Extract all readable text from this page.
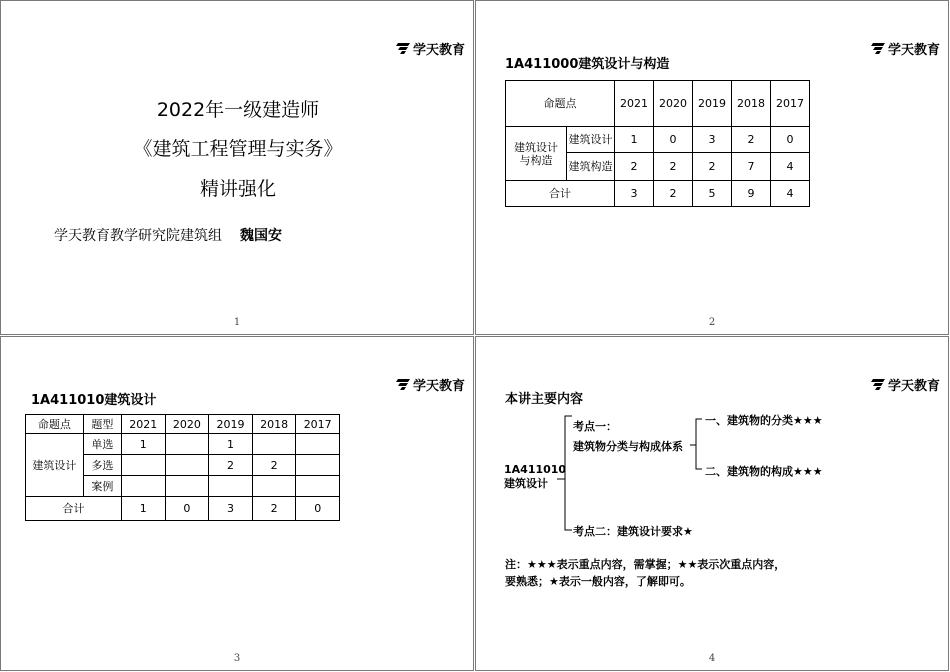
学天教育
2022年一级建造师
《建筑工程管理与实务》
精讲强化
学天教育教学研究院建筑组 魏国安
1
学天教育
1A411000建筑设计与构造
命题点		2021	2020	2019	2018	2017
建筑设计与构造	建筑设计	1	0	3	2	0
	建筑构造	2	2	2	7	4
合计		3	2	5	9	4
2
学天教育
1A411010建筑设计
命题点	题型	2021	2020	2019	2018	2017
建筑设计	单选	1		1		
	多选			2	2	
	案例					
合计		1	0	3	2	0
3
学天教育
本讲主要内容
1A411010
建筑设计
考点一：
建筑物分类与构成体系
一、建筑物的分类★★★
二、建筑物的构成★★★
考点二：建筑设计要求★
注：★★★表示重点内容，需掌握；★★表示次重点内容，
要熟悉；★表示一般内容，了解即可。
4
